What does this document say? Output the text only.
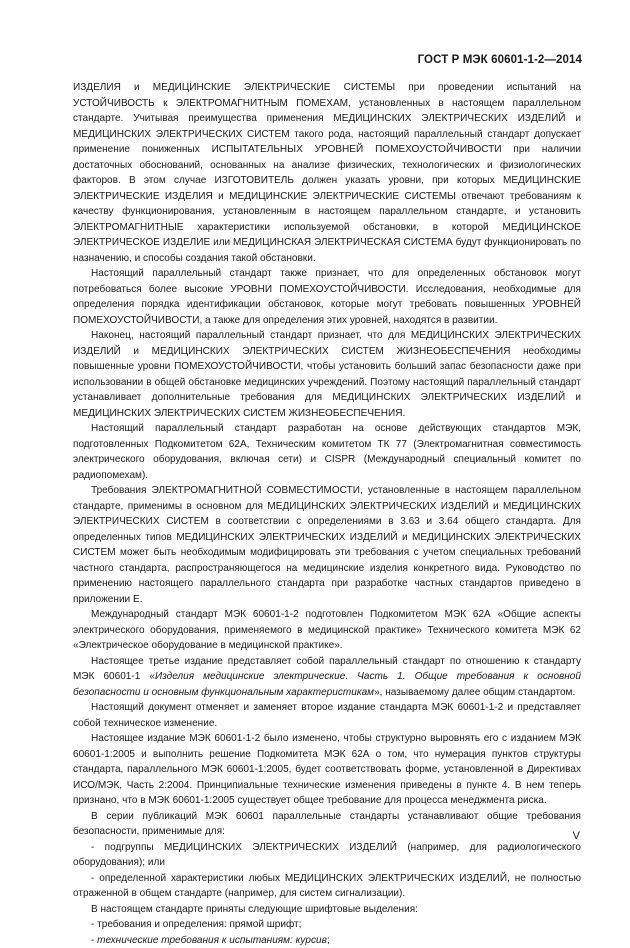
ГОСТ Р МЭК 60601-1-2—2014

ИЗДЕЛИЯ и МЕДИЦИНСКИЕ ЭЛЕКТРИЧЕСКИЕ СИСТЕМЫ при проведении испытаний на УСТОЙЧИВОСТЬ к ЭЛЕКТРОМАГНИТНЫМ ПОМЕХАМ, установленных в настоящем параллельном стандарте. Учитывая преимущества применения МЕДИЦИНСКИХ ЭЛЕКТРИЧЕСКИХ ИЗДЕЛИЙ и МЕДИЦИНСКИХ ЭЛЕКТРИЧЕСКИХ СИСТЕМ такого рода, настоящий параллельный стандарт допускает применение пониженных ИСПЫТАТЕЛЬНЫХ УРОВНЕЙ ПОМЕХОУСТОЙЧИВОСТИ при наличии достаточных обоснований, основанных на анализе физических, технологических и физиологических факторов. В этом случае ИЗГОТОВИТЕЛЬ должен указать уровни, при которых МЕДИЦИНСКИЕ ЭЛЕКТРИЧЕСКИЕ ИЗДЕЛИЯ и МЕДИЦИНСКИЕ ЭЛЕКТРИЧЕСКИЕ СИСТЕМЫ отвечают требованиям к качеству функционирования, установленным в настоящем параллельном стандарте, и установить ЭЛЕКТРОМАГНИТНЫЕ характеристики используемой обстановки, в которой МЕДИЦИНСКОЕ ЭЛЕКТРИЧЕСКОЕ ИЗДЕЛИЕ или МЕДИЦИНСКАЯ ЭЛЕКТРИЧЕСКАЯ СИСТЕМА будут функционировать по назначению, и способы создания такой обстановки.

Настоящий параллельный стандарт также признает, что для определенных обстановок могут потребоваться более высокие УРОВНИ ПОМЕХОУСТОЙЧИВОСТИ. Исследования, необходимые для определения порядка идентификации обстановок, которые могут требовать повышенных УРОВНЕЙ ПОМЕХОУСТОЙЧИВОСТИ, а также для определения этих уровней, находятся в развитии.

Наконец, настоящий параллельный стандарт признает, что для МЕДИЦИНСКИХ ЭЛЕКТРИЧЕСКИХ ИЗДЕЛИЙ и МЕДИЦИНСКИХ ЭЛЕКТРИЧЕСКИХ СИСТЕМ ЖИЗНЕОБЕСПЕЧЕНИЯ необходимы повышенные уровни ПОМЕХОУСТОЙЧИВОСТИ, чтобы установить больший запас безопасности даже при использовании в общей обстановке медицинских учреждений. Поэтому настоящий параллельный стандарт устанавливает дополнительные требования для МЕДИЦИНСКИХ ЭЛЕКТРИЧЕСКИХ ИЗДЕЛИЙ и МЕДИЦИНСКИХ ЭЛЕКТРИЧЕСКИХ СИСТЕМ ЖИЗНЕОБЕСПЕЧЕНИЯ.

Настоящий параллельный стандарт разработан на основе действующих стандартов МЭК, подготовленных Подкомитетом 62А, Техническим комитетом ТК 77 (Электромагнитная совместимость электрического оборудования, включая сети) и CISPR (Международный специальный комитет по радиопомехам).

Требования ЭЛЕКТРОМАГНИТНОЙ СОВМЕСТИМОСТИ, установленные в настоящем параллельном стандарте, применимы в основном для МЕДИЦИНСКИХ ЭЛЕКТРИЧЕСКИХ ИЗДЕЛИЙ и МЕДИЦИНСКИХ ЭЛЕКТРИЧЕСКИХ СИСТЕМ в соответствии с определениями в 3.63 и 3.64 общего стандарта. Для определенных типов МЕДИЦИНСКИХ ЭЛЕКТРИЧЕСКИХ ИЗДЕЛИЙ и МЕДИЦИНСКИХ ЭЛЕКТРИЧЕСКИХ СИСТЕМ может быть необходимым модифицировать эти требования с учетом специальных требований частного стандарта, распространяющегося на медицинские изделия конкретного вида. Руководство по применению настоящего параллельного стандарта при разработке частных стандартов приведено в приложении Е.

Международный стандарт МЭК 60601-1-2 подготовлен Подкомитетом МЭК 62А «Общие аспекты электрического оборудования, применяемого в медицинской практике» Технического комитета МЭК 62 «Электрическое оборудование в медицинской практике».

Настоящее третье издание представляет собой параллельный стандарт по отношению к стандарту МЭК 60601-1 «Изделия медицинские электрические. Часть 1. Общие требования к основной безопасности и основным функциональным характеристикам», называемому далее общим стандартом.

Настоящий документ отменяет и заменяет второе издание стандарта МЭК 60601-1-2 и представляет собой техническое изменение.

Настоящее издание МЭК 60601-1-2 было изменено, чтобы структурно выровнять его с изданием МЭК 60601-1:2005 и выполнить решение Подкомитета МЭК 62А о том, что нумерация пунктов структуры стандарта, параллельного МЭК 60601-1:2005, будет соответствовать форме, установленной в Директивах ИСО/МЭК, Часть 2:2004. Принципиальные технические изменения приведены в пункте 4. В нем теперь признано, что в МЭК 60601-1:2005 существует общее требование для процесса менеджмента риска.

В серии публикаций МЭК 60601 параллельные стандарты устанавливают общие требования безопасности, применимые для:

- подгруппы МЕДИЦИНСКИХ ЭЛЕКТРИЧЕСКИХ ИЗДЕЛИЙ (например, для радиологического оборудования); или

- определенной характеристики любых МЕДИЦИНСКИХ ЭЛЕКТРИЧЕСКИХ ИЗДЕЛИЙ, не полностью отраженной в общем стандарте (например, для систем сигнализации).

В настоящем стандарте приняты следующие шрифтовые выделения:

- требования и определения: прямой шрифт;

- технические требования к испытаниям: курсив;

V
